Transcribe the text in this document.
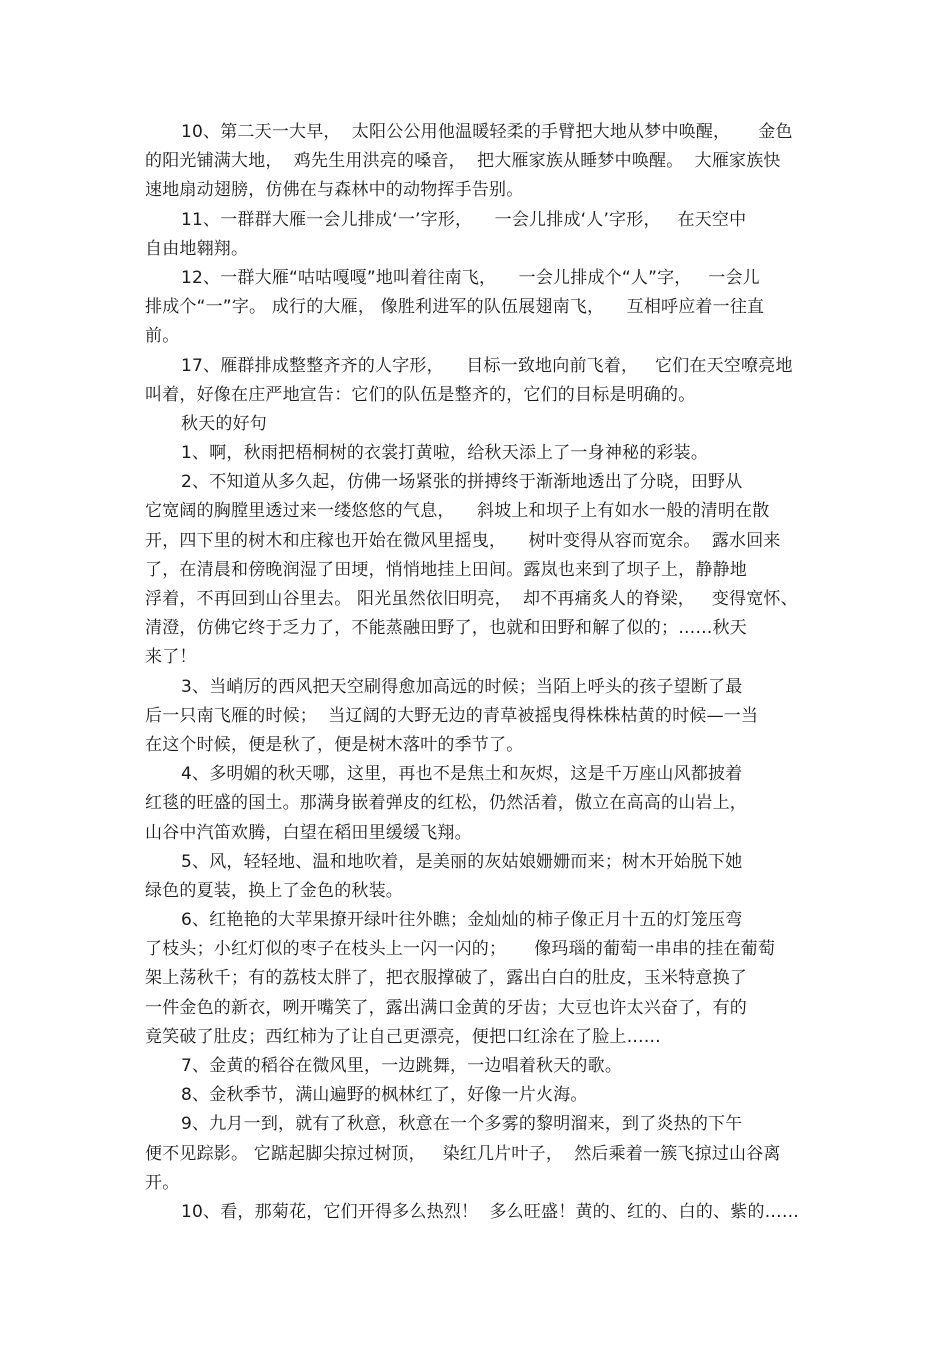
10、第二天一大早，  太阳公公用他温暖轻柔的手臂把大地从梦中唤醒，     金色
的阳光铺满大地，  鸡先生用洪亮的嗓音，  把大雁家族从睡梦中唤醒。  大雁家族快
速地扇动翅膀，仿佛在与森林中的动物挥手告别。
11、一群群大雁一会儿排成‘一’字形，    一会儿排成‘人’字形，   在天空中
自由地翱翔。
12、一群大雁“咕咕嘎嘎”地叫着往南飞，    一会儿排成个“人”字，   一会儿
排成个“一”字。 成行的大雁， 像胜利进军的队伍展翅南飞，    互相呼应着一往直
前。
17、雁群排成整整齐齐的人字形，    目标一致地向前飞着，   它们在天空嘹亮地
叫着，好像在庄严地宣告：它们的队伍是整齐的，它们的目标是明确的。
秋天的好句
1、啊，秋雨把梧桐树的衣裳打黄啦，给秋天添上了一身神秘的彩装。
2、不知道从多久起，仿佛一场紧张的拼搏终于渐渐地透出了分晓，田野从
它宽阔的胸膛里透过来一缕悠悠的气息，    斜坡上和坝子上有如水一般的清明在散
开，四下里的树木和庄稼也开始在微风里摇曳，    树叶变得从容而宽余。  露水回来
了，在清晨和傍晚润湿了田埂，悄悄地挂上田间。露岚也来到了坝子上，静静地
浮着，不再回到山谷里去。 阳光虽然依旧明亮，  却不再痛炙人的脊梁，   变得宽怀、
清澄，仿佛它终于乏力了，不能蒸融田野了，也就和田野和解了似的；……秋天
来了！
3、当峭厉的西风把天空刷得愈加高远的时候；当陌上呼头的孩子望断了最
后一只南飞雁的时候；  当辽阔的大野无边的青草被摇曳得株株枯黄的时候—一当
在这个时候，便是秋了，便是树木落叶的季节了。
4、多明媚的秋天哪，这里，再也不是焦土和灰烬，这是千万座山风都披着
红毯的旺盛的国土。那满身嵌着弹皮的红松，仍然活着，傲立在高高的山岩上，
山谷中汽笛欢腾，白望在稻田里缓缓飞翔。
5、风，轻轻地、温和地吹着，是美丽的灰姑娘姗姗而来；树木开始脱下她
绿色的夏装，换上了金色的秋装。
6、红艳艳的大苹果撩开绿叶往外瞧；金灿灿的柿子像正月十五的灯笼压弯
了枝头；小红灯似的枣子在枝头上一闪一闪的；     像玛瑙的葡萄一串串的挂在葡萄
架上荡秋千；有的荔枝太胖了，把衣服撑破了，露出白白的肚皮，玉米特意换了
一件金色的新衣，咧开嘴笑了，露出满口金黄的牙齿；大豆也许太兴奋了，有的
竟笑破了肚皮；西红柿为了让自己更漂亮，便把口红涂在了脸上……
7、金黄的稻谷在微风里，一边跳舞，一边唱着秋天的歌。
8、金秋季节，满山遍野的枫林红了，好像一片火海。
9、九月一到，就有了秋意，秋意在一个多雾的黎明溜来，到了炎热的下午
便不见踪影。 它踮起脚尖掠过树顶，   染红几片叶子，  然后乘着一簇飞掠过山谷离
开。
10、看，那菊花，它们开得多么热烈！  多么旺盛！黄的、红的、白的、紫的……
